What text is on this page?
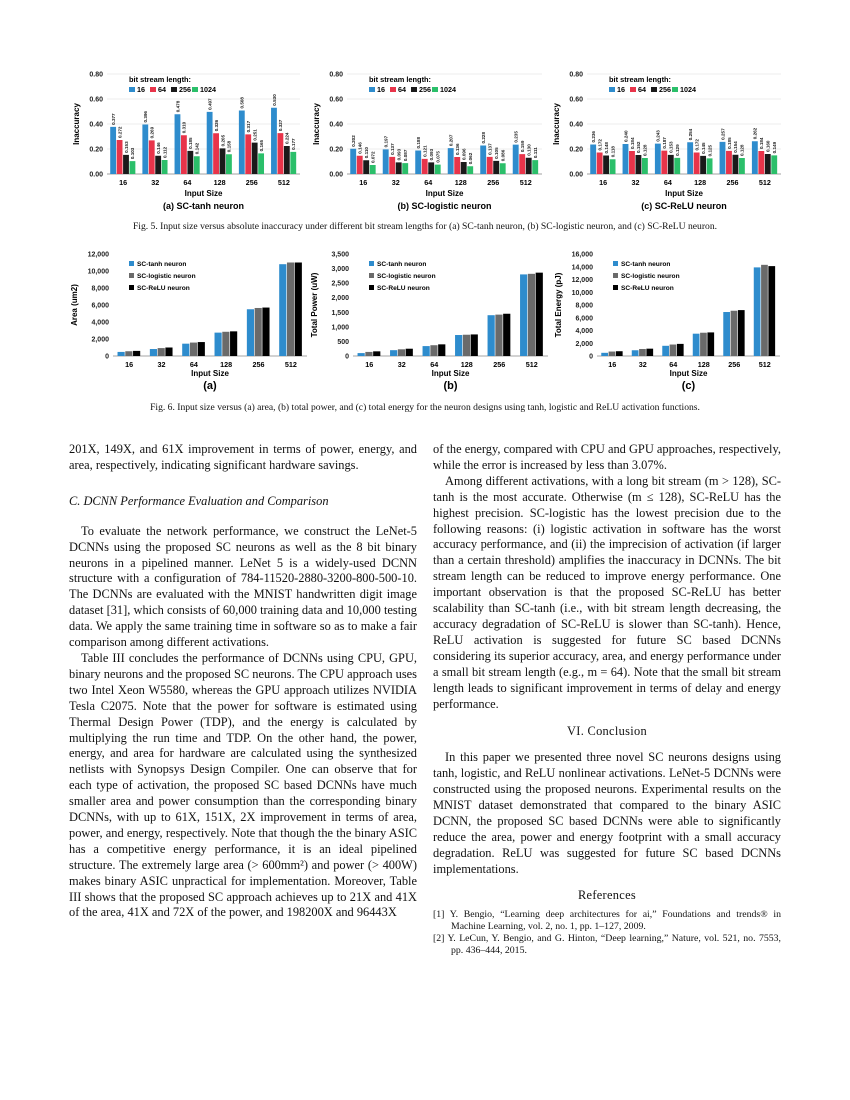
0.00
0.20
0.40
0.60
0.80
Inaccuracy	0.377
0.272
0.153
0.103
16
0.396
0.269
0.146 0.112
32
0.478
0.310
0.185 0.142
64
0.497
0.326
0.205
0.158
128
0.508
0.317
0.251
0.165
256
0.530
0.327
0.224
0.177
512
Input Size
(a) SC-tanh neuron
bit stream length:
16 64 256 1024
0.00
0.20
0.40
0.60
0.80
Inaccuracy	0.202
0.146 0.110 0.072
16
0.197
0.137 0.093 0.087
32
0.188
0.121 0.093 0.075
64
0.207
0.136 0.096 0.062
128
0.228
0.137 0.105 0.086
256
0.235
0.159 0.130 0.111
512
Input Size
(b) SC-logistic neuron
bit stream length:
16 64 256 1024
0.00
0.20
0.40
0.60
0.80
Inaccuracy	0.236
0.172 0.148 0.118
16
0.240
0.184 0.152 0.128
32
0.243
0.187 0.153 0.129
64
0.254
0.172 0.145 0.125
128
0.257
0.185 0.154 0.128
256
0.262
0.184 0.160 0.149
512
Input Size
(c) SC-ReLU neuron
bit stream length:
16 64 256 1024
Fig. 5. Input size versus absolute inaccuracy under different bit stream lengths for (a) SC-tanh neuron, (b) SC-logistic neuron, and (c) SC-ReLU neuron.
0
2,000
4,000
6,000
8,000
10,000
12,000
Area (um2)
16	32	64	128	256	512
Input Size
(a)
SC-tanh neuron
SC-logistic neuron
SC-ReLU neuron
0
500
1,000
1,500
2,000
2,500
3,000
3,500
Total Power (uW)
16	32	64	128	256	512
Input Size
(b)
SC-tanh neuron
SC-logistic neuron
SC-ReLU neuron
0
2,000
4,000
6,000
8,000
10,000
12,000
14,000
16,000
Total Energy (pJ)
16	32	64	128	256	512
Input Size
(c)
SC-tanh neuron
SC-logistic neuron
SC-ReLU neuron
Fig. 6. Input size versus (a) area, (b) total power, and (c) total energy for the neuron designs using tanh, logistic and ReLU activation functions.

201X, 149X, and 61X improvement in terms of power, energy, and area, respectively, indicating significant hardware savings.

C. DCNN Performance Evaluation and Comparison

To evaluate the network performance, we construct the LeNet-5 DCNNs using the proposed SC neurons as well as the 8 bit binary neurons in a pipelined manner. LeNet 5 is a widely-used DCNN structure with a configuration of 784-11520-2880-3200-800-500-10. The DCNNs are evaluated with the MNIST handwritten digit image dataset [31], which consists of 60,000 training data and 10,000 testing data. We apply the same training time in software so as to make a fair comparison among different activations.

Table III concludes the performance of DCNNs using CPU, GPU, binary neurons and the proposed SC neurons. The CPU approach uses two Intel Xeon W5580, whereas the GPU approach utilizes NVIDIA Tesla C2075. Note that the power for software is estimated using Thermal Design Power (TDP), and the energy is calculated by multiplying the run time and TDP. On the other hand, the power, energy, and area for hardware are calculated using the synthesized netlists with Synopsys Design Compiler. One can observe that for each type of activation, the proposed SC based DCNNs have much smaller area and power consumption than the corresponding binary DCNNs, with up to 61X, 151X, 2X improvement in terms of area, power, and energy, respectively. Note that though the the binary ASIC has a competitive energy performance, it is an ideal pipelined structure. The extremely large area (> 600mm²) and power (> 400W) makes binary ASIC unpractical for implementation. Moreover, Table III shows that the proposed SC approach achieves up to 21X and 41X of the area, 41X and 72X of the power, and 198200X and 96443X

of the energy, compared with CPU and GPU approaches, respectively, while the error is increased by less than 3.07%.

Among different activations, with a long bit stream (m > 128), SC-tanh is the most accurate. Otherwise (m ≤ 128), SC-ReLU has the highest precision. SC-logistic has the lowest precision due to the following reasons: (i) logistic activation in software has the worst accuracy performance, and (ii) the imprecision of activation (if larger than a certain threshold) amplifies the inaccuracy in DCNNs. The bit stream length can be reduced to improve energy performance. One important observation is that the proposed SC-ReLU has better scalability than SC-tanh (i.e., with bit stream length decreasing, the accuracy degradation of SC-ReLU is slower than SC-tanh). Hence, ReLU activation is suggested for future SC based DCNNs considering its superior accuracy, area, and energy performance under a small bit stream length (e.g., m = 64). Note that the small bit stream length leads to significant improvement in terms of delay and energy performance.

VI. Conclusion

In this paper we presented three novel SC neurons designs using tanh, logistic, and ReLU nonlinear activations. LeNet-5 DCNNs were constructed using the proposed neurons. Experimental results on the MNIST dataset demonstrated that compared to the binary ASIC DCNN, the proposed SC based DCNNs were able to significantly reduce the area, power and energy footprint with a small accuracy degradation. ReLU was suggested for future SC based DCNNs implementations.

References

[1] Y. Bengio, “Learning deep architectures for ai,” Foundations and trends® in Machine Learning, vol. 2, no. 1, pp. 1–127, 2009.

[2] Y. LeCun, Y. Bengio, and G. Hinton, “Deep learning,” Nature, vol. 521, no. 7553, pp. 436–444, 2015.
